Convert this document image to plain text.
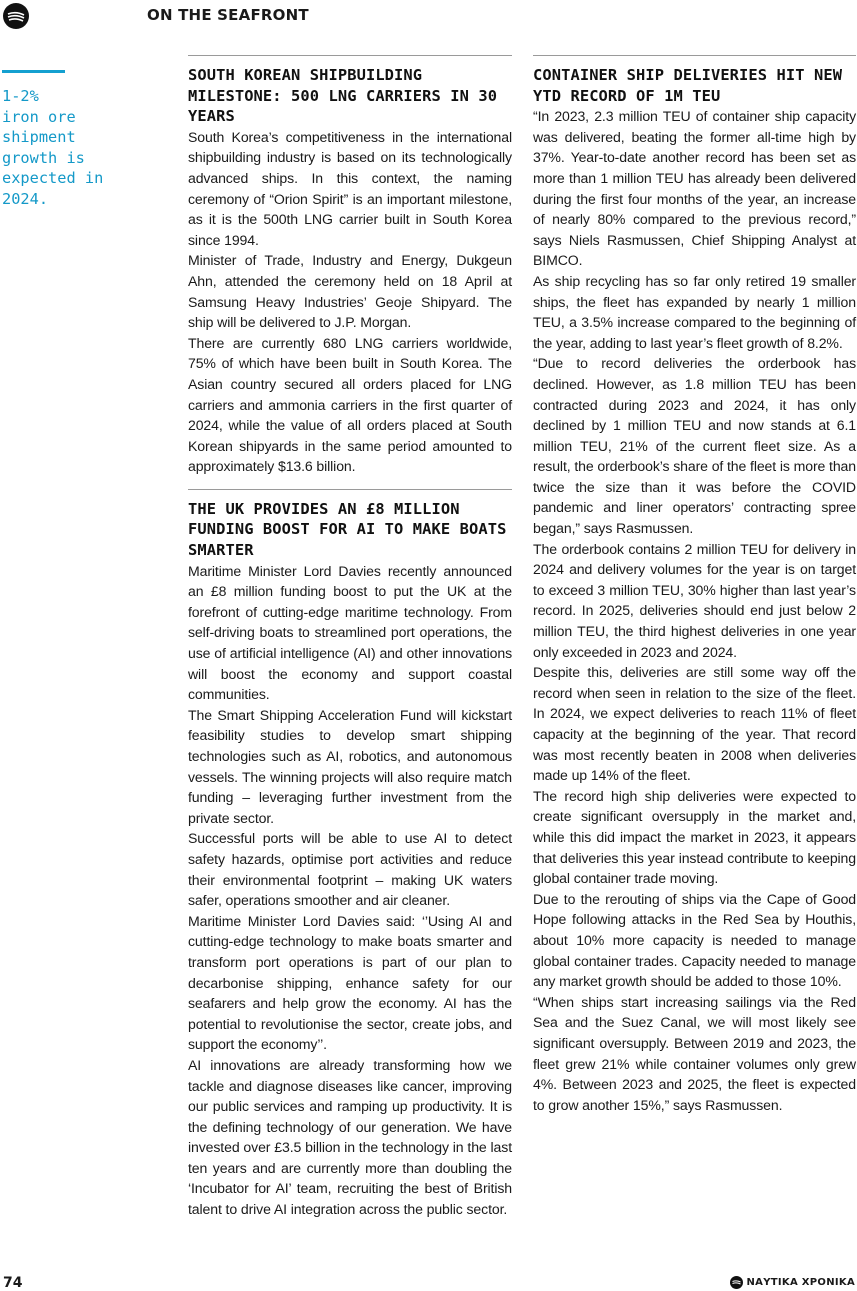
ON THE SEAFRONT
1-2%
iron ore
shipment
growth is
expected in
2024.
SOUTH KOREAN SHIPBUILDING MILESTONE: 500 LNG CARRIERS IN 30 YEARS

South Korea’s competitiveness in the international shipbuilding industry is based on its technologically advanced ships. In this context, the naming ceremony of “Orion Spirit” is an important milestone, as it is the 500th LNG carrier built in South Korea since 1994.

Minister of Trade, Industry and Energy, Dukgeun Ahn, attended the ceremony held on 18 April at Samsung Heavy Industries’ Geoje Shipyard. The ship will be delivered to J.P. Morgan.

There are currently 680 LNG carriers worldwide, 75% of which have been built in South Korea. The Asian country secured all orders placed for LNG carriers and ammonia carriers in the first quarter of 2024, while the value of all orders placed at South Korean shipyards in the same period amounted to approximately $13.6 billion.

THE UK PROVIDES AN £8 MILLION FUNDING BOOST FOR AI TO MAKE BOATS SMARTER

Maritime Minister Lord Davies recently announced an £8 million funding boost to put the UK at the forefront of cutting-edge maritime technology. From self-driving boats to streamlined port operations, the use of artificial intelligence (AI) and other innovations will boost the economy and support coastal communities.

The Smart Shipping Acceleration Fund will kickstart feasibility studies to develop smart shipping technologies such as AI, robotics, and autonomous vessels. The winning projects will also require match funding – leveraging further investment from the private sector.

Successful ports will be able to use AI to detect safety hazards, optimise port activities and reduce their environmental footprint – making UK waters safer, operations smoother and air cleaner.

Maritime Minister Lord Davies said: ‘’Using AI and cutting-edge technology to make boats smarter and transform port operations is part of our plan to decarbonise shipping, enhance safety for our seafarers and help grow the economy. AI has the potential to revolutionise the sector, create jobs, and support the economy’’.

AI innovations are already transforming how we tackle and diagnose diseases like cancer, improving our public services and ramping up productivity. It is the defining technology of our generation. We have invested over £3.5 billion in the technology in the last ten years and are currently more than doubling the ‘Incubator for AI’ team, recruiting the best of British talent to drive AI integration across the public sector.

CONTAINER SHIP DELIVERIES HIT NEW YTD RECORD OF 1M TEU

“In 2023, 2.3 million TEU of container ship capacity was delivered, beating the former all-time high by 37%. Year-to-date another record has been set as more than 1 million TEU has already been delivered during the first four months of the year, an increase of nearly 80% compared to the previous record,” says Niels Rasmussen, Chief Shipping Analyst at BIMCO.

As ship recycling has so far only retired 19 smaller ships, the fleet has expanded by nearly 1 million TEU, a 3.5% increase compared to the beginning of the year, adding to last year’s fleet growth of 8.2%.

“Due to record deliveries the orderbook has declined. However, as 1.8 million TEU has been contracted during 2023 and 2024, it has only declined by 1 million TEU and now stands at 6.1 million TEU, 21% of the current fleet size. As a result, the orderbook’s share of the fleet is more than twice the size than it was before the COVID pandemic and liner operators’ contracting spree began,” says Rasmussen.

The orderbook contains 2 million TEU for delivery in 2024 and delivery volumes for the year is on target to exceed 3 million TEU, 30% higher than last year’s record. In 2025, deliveries should end just below 2 million TEU, the third highest deliveries in one year only exceeded in 2023 and 2024.

Despite this, deliveries are still some way off the record when seen in relation to the size of the fleet. In 2024, we expect deliveries to reach 11% of fleet capacity at the beginning of the year. That record was most recently beaten in 2008 when deliveries made up 14% of the fleet.

The record high ship deliveries were expected to create significant oversupply in the market and, while this did impact the market in 2023, it appears that deliveries this year instead contribute to keeping global container trade moving.

Due to the rerouting of ships via the Cape of Good Hope following attacks in the Red Sea by Houthis, about 10% more capacity is needed to manage global container trades. Capacity needed to manage any market growth should be added to those 10%.

“When ships start increasing sailings via the Red Sea and the Suez Canal, we will most likely see significant oversupply. Between 2019 and 2023, the fleet grew 21% while container volumes only grew 4%. Between 2023 and 2025, the fleet is expected to grow another 15%,” says Rasmussen.

74	ΝΑΥΤΙΚΑ ΧΡΟΝΙΚΑ
